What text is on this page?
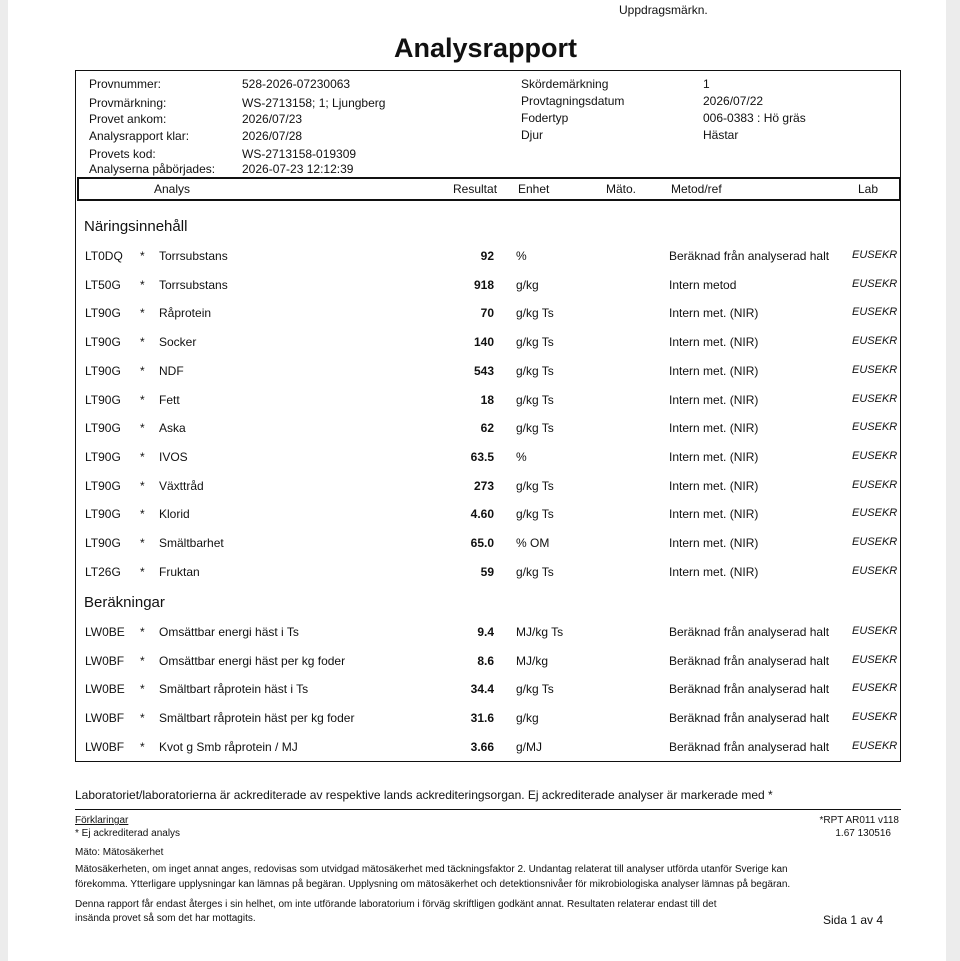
Uppdragsmärkn.
Analysrapport
Provnummer:	528-2026-07230063
Provmärkning:	WS-2713158; 1; Ljungberg
Provet ankom:	2026/07/23
Analysrapport klar:	2026/07/28
Provets kod:	WS-2713158-019309
Analyserna påbörjades: 2026-07-23 12:12:39
Skördemärkning	1
Provtagningsdatum	2026/07/22
Fodertyp	006-0383 : Hö gräs
Djur	Hästar
Analys	Resultat Enhet	Mäto.	Metod/ref	Lab
Näringsinnehåll
LT0DQ * Torrsubstans	92 %	Beräknad från analyserad halt EUSEKR
LT50G * Torrsubstans	918 g/kg	Intern metod	EUSEKR
LT90G * Råprotein	70 g/kg Ts	Intern met. (NIR)	EUSEKR
LT90G * Socker	140 g/kg Ts	Intern met. (NIR)	EUSEKR
LT90G * NDF	543 g/kg Ts	Intern met. (NIR)	EUSEKR
LT90G * Fett	18 g/kg Ts	Intern met. (NIR)	EUSEKR
LT90G * Aska	62 g/kg Ts	Intern met. (NIR)	EUSEKR
LT90G * IVOS	63.5 %	Intern met. (NIR)	EUSEKR
LT90G * Växttråd	273 g/kg Ts	Intern met. (NIR)	EUSEKR
LT90G * Klorid	4.60 g/kg Ts	Intern met. (NIR)	EUSEKR
LT90G * Smältbarhet	65.0 % OM	Intern met. (NIR)	EUSEKR
LT26G * Fruktan	59 g/kg Ts	Intern met. (NIR)	EUSEKR
Beräkningar
LW0BE * Omsättbar energi häst i Ts	9.4 MJ/kg Ts	Beräknad från analyserad halt EUSEKR
LW0BF * Omsättbar energi häst per kg foder	8.6 MJ/kg	Beräknad från analyserad halt EUSEKR
LW0BE * Smältbart råprotein häst i Ts	34.4 g/kg Ts	Beräknad från analyserad halt EUSEKR
LW0BF * Smältbart råprotein häst per kg foder	31.6 g/kg	Beräknad från analyserad halt EUSEKR
LW0BF * Kvot g Smb råprotein / MJ	3.66 g/MJ	Beräknad från analyserad halt EUSEKR
Laboratoriet/laboratorierna är ackrediterade av respektive lands ackrediteringsorgan. Ej ackrediterade analyser är markerade med *
Förklaringar
* Ej ackrediterad analys
*RPT AR011 v118
1.67 130516
Mäto: Mätosäkerhet
Mätosäkerheten, om inget annat anges, redovisas som utvidgad mätosäkerhet med täckningsfaktor 2. Undantag relaterat till analyser utförda utanför Sverige kan
förekomma. Ytterligare upplysningar kan lämnas på begäran. Upplysning om mätosäkerhet och detektionsnivåer för mikrobiologiska analyser lämnas på begäran.
Denna rapport får endast återges i sin helhet, om inte utförande laboratorium i förväg skriftligen godkänt annat. Resultaten relaterar endast till det
insända provet så som det har mottagits.	Sida 1 av 4
